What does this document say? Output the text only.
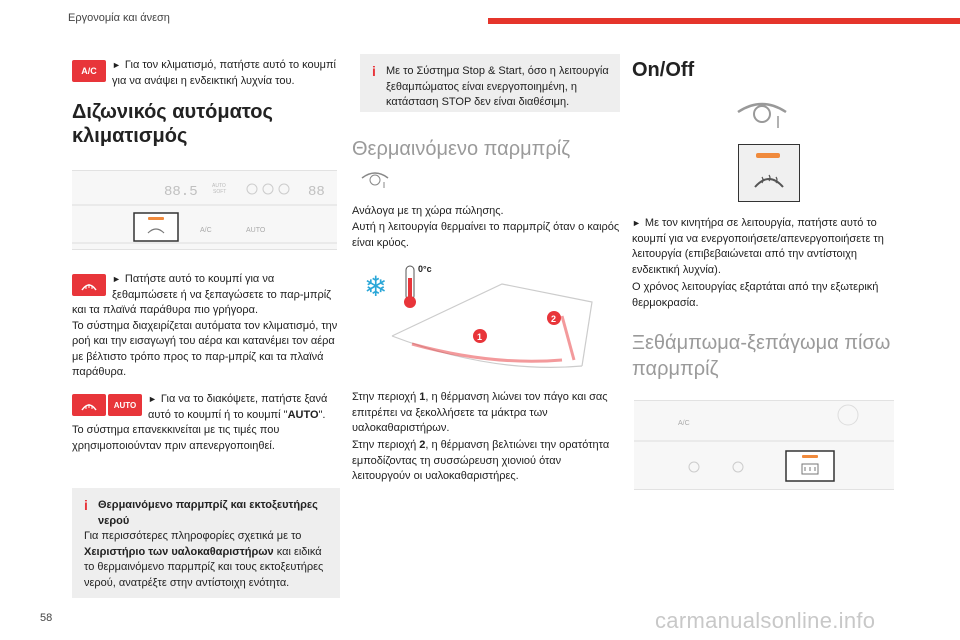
Εργονομία και άνεση
A/C

► Για τον κλιματισμό, πατήστε αυτό το κουμπί για να ανάψει η ενδεικτική λυχνία του.

Διζωνικός αυτόματος κλιματισμός
88.5	AUTO
SOFT	88
A/C	AUTO

► Πατήστε αυτό το κουμπί για να ξεθαμπώσετε ή να ξεπαγώσετε το παρ-μπρίζ και τα πλαϊνά παράθυρα πιο γρήγορα.

Το σύστημα διαχειρίζεται αυτόματα τον κλιματισμό, την ροή και την εισαγωγή του αέρα και κατανέμει τον αέρα με βέλτιστο τρόπο προς το παρ-μπρίζ και τα πλαϊνά παράθυρα.

AUTO

► Για να το διακόψετε, πατήστε ξανά αυτό το κουμπί ή το κουμπί "AUTO".

Το σύστημα επανεκκινείται με τις τιμές που χρησιμοποιούνταν πριν απενεργοποιηθεί.

i Θερμαινόμενο παρμπρίζ και εκτοξευτήρες νερού

Για περισσότερες πληροφορίες σχετικά με το Χειριστήριο των υαλοκαθαριστήρων και ειδικά το θερμαινόμενο παρμπρίζ και τους εκτοξευτήρες νερού, ανατρέξτε στην αντίστοιχη ενότητα.

i Με το Σύστημα Stop & Start, όσο η λειτουργία ξεθαμπώματος είναι ενεργοποιημένη, η κατάσταση STOP δεν είναι διαθέσιμη.

Θερμαινόμενο παρμπρίζ

Ανάλογα με τη χώρα πώλησης.

Αυτή η λειτουργία θερμαίνει το παρμπρίζ όταν ο καιρός είναι κρύος.

❄
0°c
1
2

Στην περιοχή 1, η θέρμανση λιώνει τον πάγο και σας επιτρέπει να ξεκολλήσετε τα μάκτρα των υαλοκαθαριστήρων.

Στην περιοχή 2, η θέρμανση βελτιώνει την ορατότητα εμποδίζοντας τη συσσώρευση χιονιού όταν λειτουργούν οι υαλοκαθαριστήρες.

On/Off

► Με τον κινητήρα σε λειτουργία, πατήστε αυτό το κουμπί για να ενεργοποιήσετε/απενεργοποιήσετε τη λειτουργία (επιβεβαιώνεται από την αντίστοιχη ενδεικτική λυχνία).

Ο χρόνος λειτουργίας εξαρτάται από την εξωτερική θερμοκρασία.

Ξεθάμπωμα-ξεπάγωμα πίσω παρμπρίζ
A/C
58	carmanualsonline.info
